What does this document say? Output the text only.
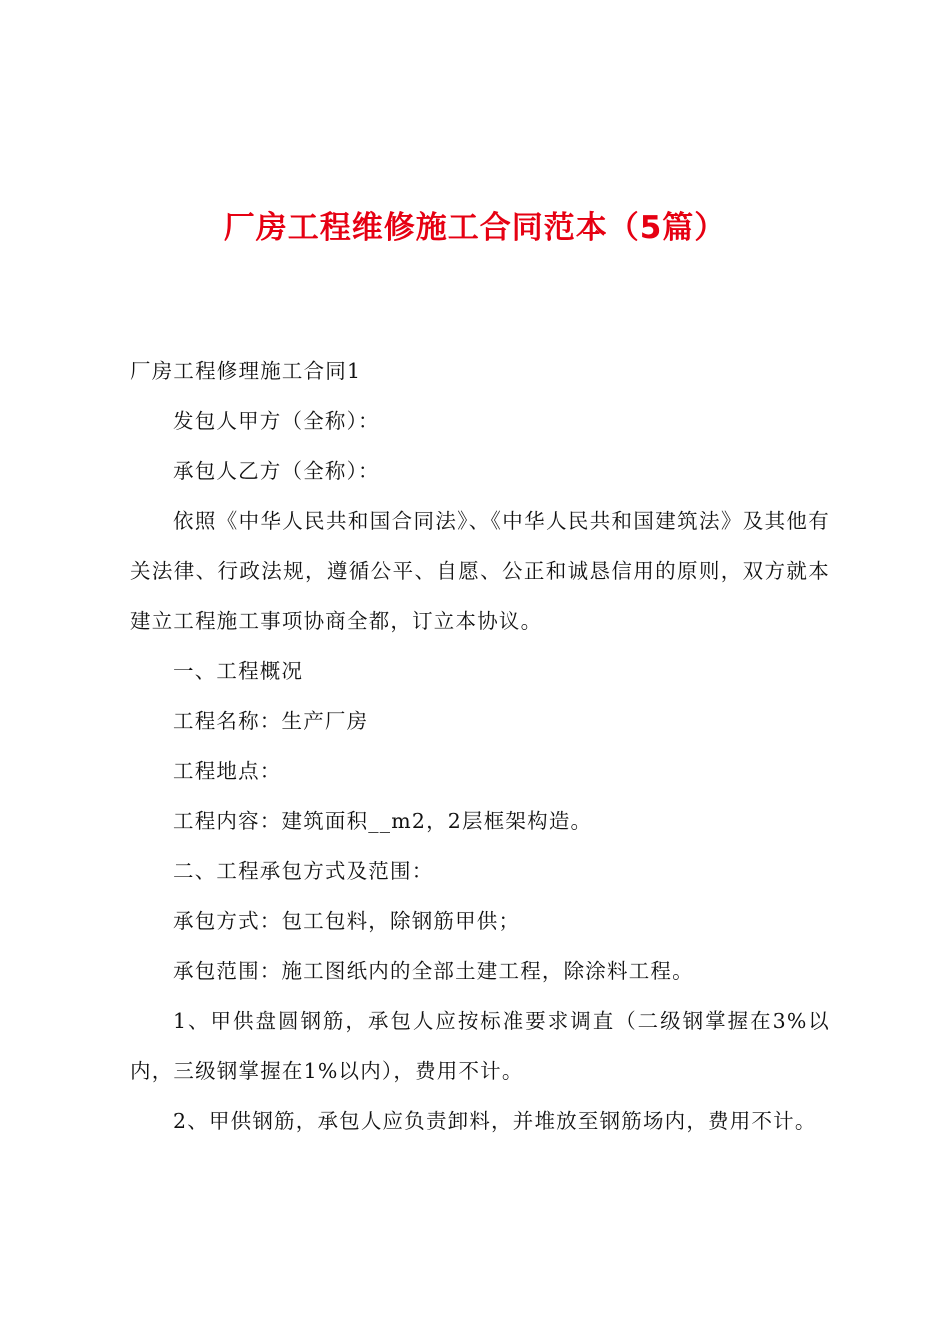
厂房工程维修施工合同范本（5篇）

厂房工程修理施工合同1

发包人甲方（全称）：

承包人乙方（全称）：

依照《中华人民共和国合同法》、《中华人民共和国建筑法》及其他有关法律、行政法规，遵循公平、自愿、公正和诚恳信用的原则，双方就本建立工程施工事项协商全都，订立本协议。

一、工程概况

工程名称：生产厂房

工程地点：

工程内容：建筑面积__m2，2层框架构造。

二、工程承包方式及范围：

承包方式：包工包料，除钢筋甲供；

承包范围：施工图纸内的全部土建工程，除涂料工程。

1、甲供盘圆钢筋，承包人应按标准要求调直（二级钢掌握在3%以内，三级钢掌握在1%以内），费用不计。

2、甲供钢筋，承包人应负责卸料，并堆放至钢筋场内，费用不计。
